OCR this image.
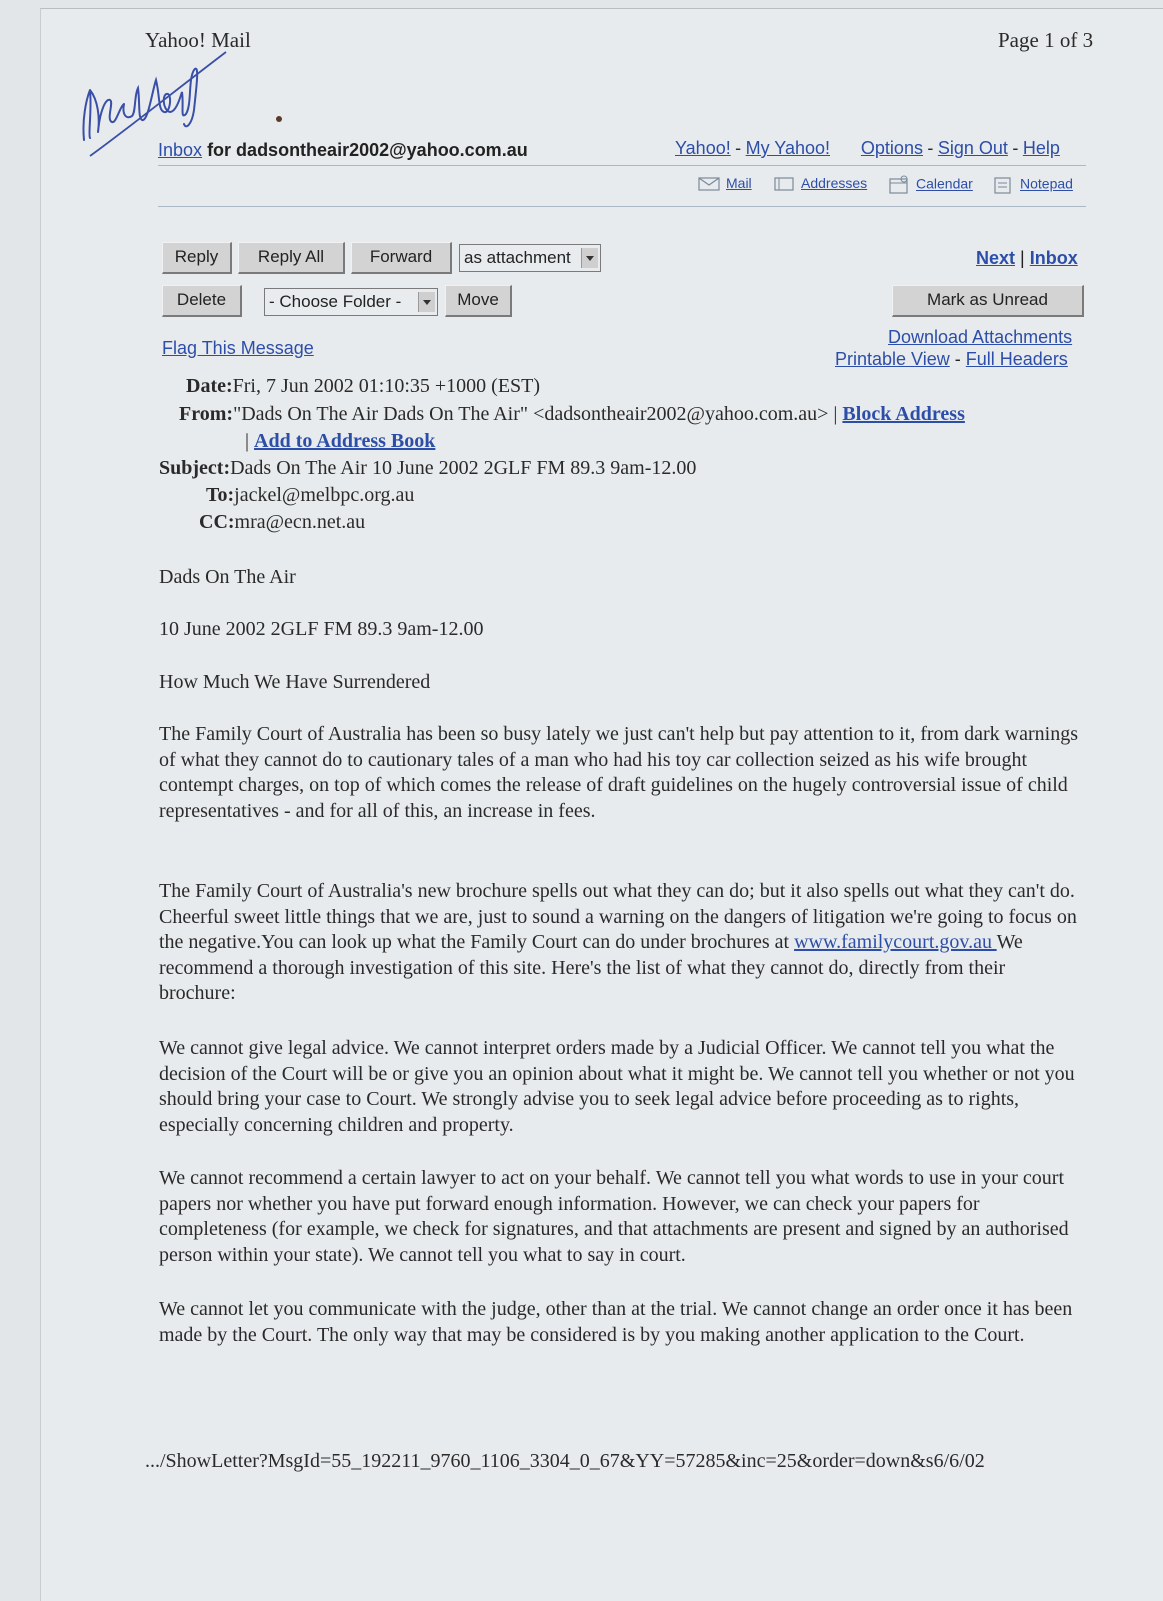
Yahoo! Mail	Page 1 of 3
Inbox for dadsontheair2002@yahoo.com.au	Yahoo! - My Yahoo! Options - Sign Out - Help
Mail	Addresses	Calendar	Notepad
Reply	Reply All	Forward	as attachment	Next | Inbox
Delete	- Choose Folder -	Move	Mark as Unread
Flag This Message
Download Attachments
Printable View - Full Headers
Date:Fri, 7 Jun 2002 01:10:35 +1000 (EST)
From:"Dads On The Air Dads On The Air" <dadsontheair2002@yahoo.com.au> | Block Address
| Add to Address Book
Subject:Dads On The Air 10 June 2002 2GLF FM 89.3 9am-12.00
To:jackel@melbpc.org.au
CC:mra@ecn.net.au
Dads On The Air
10 June 2002 2GLF FM 89.3 9am-12.00
How Much We Have Surrendered
The Family Court of Australia has been so busy lately we just can't help but pay attention to it, from dark warnings of what they cannot do to cautionary tales of a man who had his toy car collection seized as his wife brought contempt charges, on top of which comes the release of draft guidelines on the hugely controversial issue of child representatives - and for all of this, an increase in fees.
The Family Court of Australia's new brochure spells out what they can do; but it also spells out what they can't do. Cheerful sweet little things that we are, just to sound a warning on the dangers of litigation we're going to focus on the negative.You can look up what the Family Court can do under brochures at www.familycourt.gov.au We recommend a thorough investigation of this site. Here's the list of what they cannot do, directly from their brochure:
We cannot give legal advice. We cannot interpret orders made by a Judicial Officer. We cannot tell you what the decision of the Court will be or give you an opinion about what it might be. We cannot tell you whether or not you should bring your case to Court. We strongly advise you to seek legal advice before proceeding as to rights, especially concerning children and property.
We cannot recommend a certain lawyer to act on your behalf. We cannot tell you what words to use in your court papers nor whether you have put forward enough information. However, we can check your papers for completeness (for example, we check for signatures, and that attachments are present and signed by an authorised person within your state). We cannot tell you what to say in court.
We cannot let you communicate with the judge, other than at the trial. We cannot change an order once it has been made by the Court. The only way that may be considered is by you making another application to the Court.
.../ShowLetter?MsgId=55_192211_9760_1106_3304_0_67&YY=57285&inc=25&order=down&s6/6/02
